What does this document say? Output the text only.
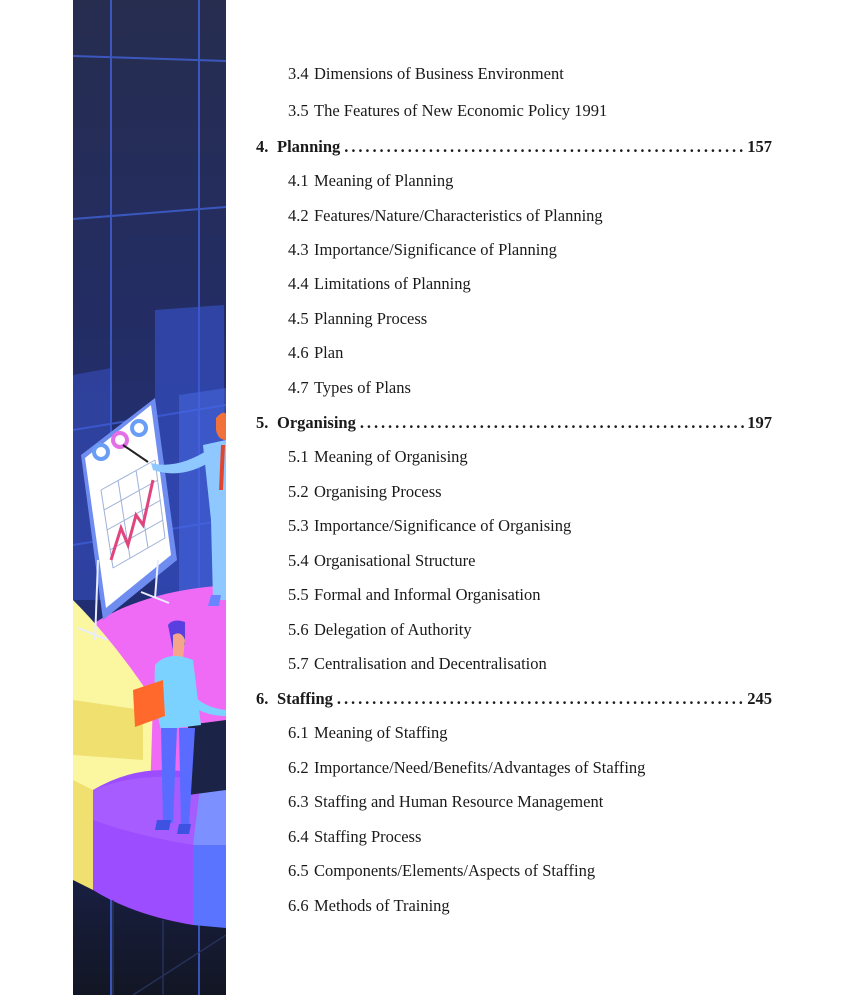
3.4 Dimensions of Business Environment
3.5 The Features of New Economic Policy 1991
4. Planning . . .	157
4.1 Meaning of Planning
4.2 Features/Nature/Characteristics of Planning
4.3 Importance/Significance of Planning
4.4 Limitations of Planning
4.5 Planning Process
4.6 Plan
4.7 Types of Plans
5. Organising . . .	197
5.1 Meaning of Organising
5.2 Organising Process
5.3 Importance/Significance of Organising
5.4 Organisational Structure
5.5 Formal and Informal Organisation
5.6 Delegation of Authority
5.7 Centralisation and Decentralisation
6. Staffing . . .	245
6.1 Meaning of Staffing
6.2 Importance/Need/Benefits/Advantages of Staffing
6.3 Staffing and Human Resource Management
6.4 Staffing Process
6.5 Components/Elements/Aspects of Staffing
6.6 Methods of Training
